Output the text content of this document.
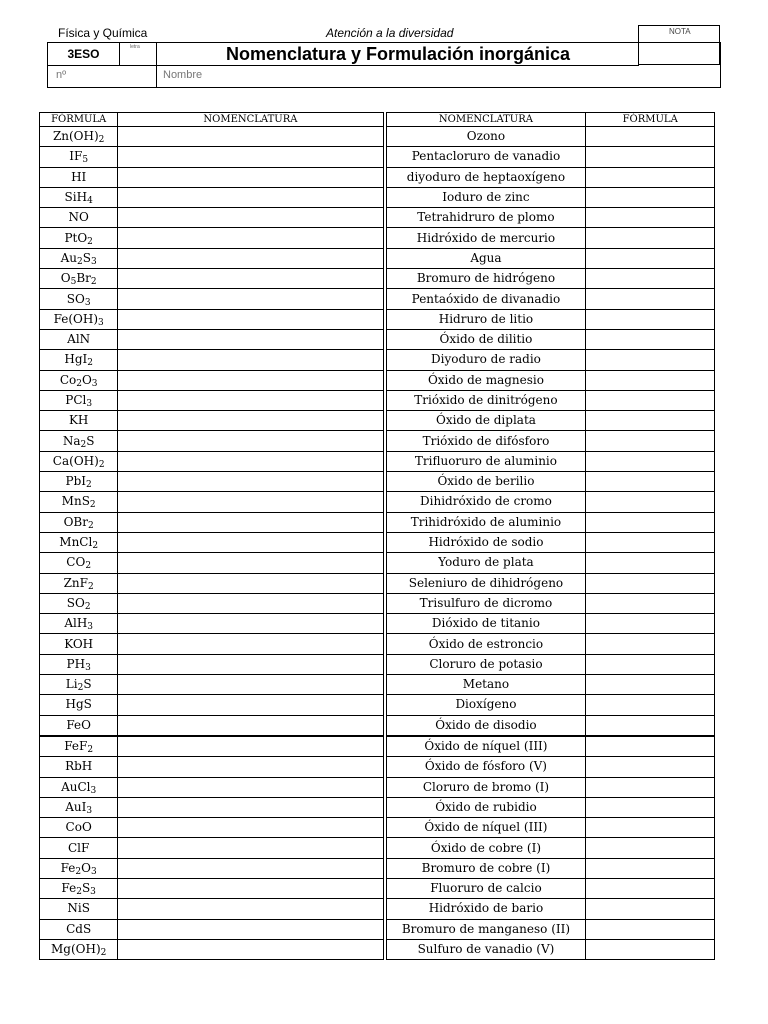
Física y Química	Atención a la diversidad	NOTA
3ESO	letra	Nomenclatura y Formulación inorgánica
nº	Nombre
FÓRMULA	NOMENCLATURA		NOMENCLATURA	FÓRMULA
$Zn(OH)_2$			Ozono	
$IF_5$			Pentacloruro de vanadio	
HI			diyoduro de heptaoxígeno	
SiH$_4$			Ioduro de zinc	
NO			Tetrahidruro de plomo	
PtO$_2$			Hidróxido de mercurio	
$Au_2S_3$			Agua	
$O_5Br_2$			Bromuro de hidrógeno	
$SO_3$			Pentaóxido de divanadio	
$Fe(OH)_3$			Hidruro de litio	
AlN			Óxido de dilitio	
HgI$_2$			Diyoduro de radio	
$Co_2O_3$			Óxido de magnesio	
PCl$_3$			Trióxido de dinitrógeno	
KH			Óxido de diplata	
$Na_2S$			Trióxido de difósforo	
$Ca(OH)_2$			Trifluoruro de aluminio	
PbI$_2$			Óxido de berilio	
MnS$_2$			Dihidróxido de cromo	
OBr$_2$			Trihidróxido de aluminio	
MnCl$_2$			Hidróxido de sodio	
$CO_2$			Yoduro de plata	
ZnF$_2$			Seleniuro de dihidrógeno	
$SO_2$			Trisulfuro de dicromo	
AlH$_3$			Dióxido de titanio	
KOH			Óxido de estroncio	
$PH_3$			Cloruro de potasio	
$Li_2S$			Metano	
HgS			Dioxígeno	
FeO			Óxido de disodio	
FeF$_2$			Óxido de níquel (III)	
RbH			Óxido de fósforo (V)	
AuCl$_3$			Cloruro de bromo (I)	
AuI$_3$			Óxido de rubidio	
CoO			Óxido de níquel (III)	
ClF			Óxido de cobre (I)	
$Fe_2O_3$			Bromuro de cobre (I)	
$Fe_2S_3$			Fluoruro de calcio	
NiS			Hidróxido de bario	
CdS			Bromuro de manganeso (II)	
$Mg(OH)_2$			Sulfuro de vanadio (V)	
